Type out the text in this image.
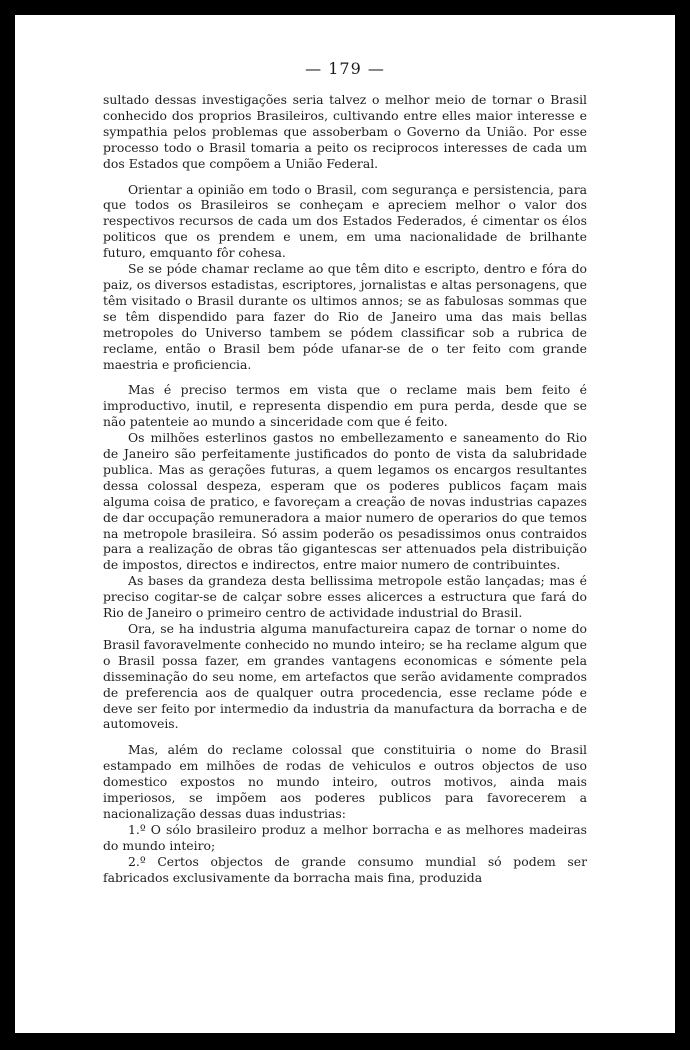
— 179 —

sultado dessas investigações seria talvez o melhor meio de tornar o Brasil conhecido dos proprios Brasileiros, cultivando entre elles maior interesse e sympathia pelos problemas que assoberbam o Governo da União. Por esse processo todo o Brasil tomaria a peito os reciprocos interesses de cada um dos Estados que compõem a União Federal.

Orientar a opinião em todo o Brasil, com segurança e persistencia, para que todos os Brasileiros se conheçam e apreciem melhor o valor dos respectivos recursos de cada um dos Estados Federados, é cimentar os élos politicos que os prendem e unem, em uma nacionalidade de brilhante futuro, emquanto fôr cohesa.

Se se póde chamar reclame ao que têm dito e escripto, dentro e fóra do paiz, os diversos estadistas, escriptores, jornalistas e altas personagens, que têm visitado o Brasil durante os ultimos annos; se as fabulosas sommas que se têm dispendido para fazer do Rio de Janeiro uma das mais bellas metropoles do Universo tambem se pódem classificar sob a rubrica de reclame, então o Brasil bem póde ufanar-se de o ter feito com grande maestria e proficiencia.

Mas é preciso termos em vista que o reclame mais bem feito é improductivo, inutil, e representa dispendio em pura perda, desde que se não patenteie ao mundo a sinceridade com que é feito.

Os milhões esterlinos gastos no embellezamento e saneamento do Rio de Janeiro são perfeitamente justificados do ponto de vista da salubridade publica. Mas as gerações futuras, a quem legamos os encargos resultantes dessa colossal despeza, esperam que os poderes publicos façam mais alguma coisa de pratico, e favoreçam a creação de novas industrias capazes de dar occupação remuneradora a maior numero de operarios do que temos na metropole brasileira. Só assim poderão os pesadissimos onus contraidos para a realização de obras tão gigantescas ser attenuados pela distribuição de impostos, directos e indirectos, entre maior numero de contribuintes.

As bases da grandeza desta bellissima metropole estão lançadas; mas é preciso cogitar-se de calçar sobre esses alicerces a estructura que fará do Rio de Janeiro o primeiro centro de actividade industrial do Brasil.

Ora, se ha industria alguma manufactureira capaz de tornar o nome do Brasil favoravelmente conhecido no mundo inteiro; se ha reclame algum que o Brasil possa fazer, em grandes vantagens economicas e sómente pela disseminação do seu nome, em artefactos que serão avidamente comprados de preferencia aos de qualquer outra procedencia, esse reclame póde e deve ser feito por intermedio da industria da manufactura da borracha e de automoveis.

Mas, além do reclame colossal que constituiria o nome do Brasil estampado em milhões de rodas de vehiculos e outros objectos de uso domestico expostos no mundo inteiro, outros motivos, ainda mais imperiosos, se impõem aos poderes publicos para favorecerem a nacionalização dessas duas industrias:

1.º O sólo brasileiro produz a melhor borracha e as melhores madeiras do mundo inteiro;

2.º Certos objectos de grande consumo mundial só podem ser fabricados exclusivamente da borracha mais fina, produzida
